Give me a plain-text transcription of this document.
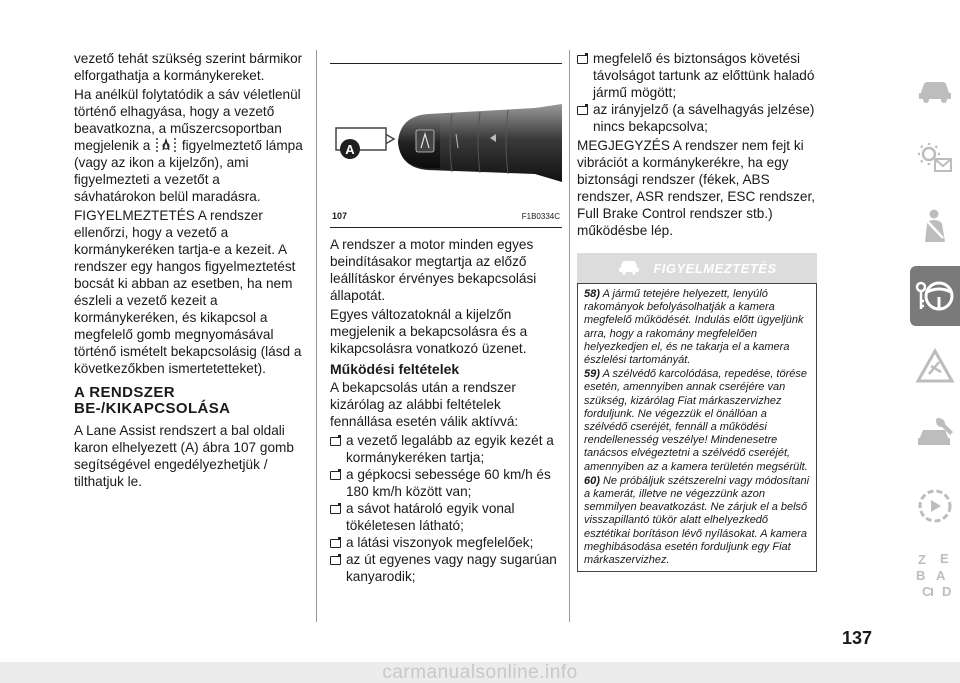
vezető tehát szükség szerint bármikor elforgathatja a kormánykereket.

Ha anélkül folytatódik a sáv véletlenül történő elhagyása, hogy a vezető beavatkozna, a műszercsoportban megjelenik a  figyelmeztető lámpa (vagy az ikon a kijelzőn), ami figyelmezteti a vezetőt a sávhatárokon belül maradásra.

FIGYELMEZTETÉS A rendszer ellenőrzi, hogy a vezető a kormánykeréken tartja-e a kezeit. A rendszer egy hangos figyelmeztetést bocsát ki abban az esetben, ha nem észleli a vezető kezeit a kormánykeréken, és kikapcsol a megfelelő gomb megnyomásával történő ismételt bekapcsolásig (lásd a következőkben ismertetetteket).

A RENDSZER BE-/KIKAPCSOLÁSA

A Lane Assist rendszert a bal oldali karon elhelyezett (A) ábra 107 gomb segítségével engedélyezhetjük / tilthatjuk le.

A
107	F1B0334C

A rendszer a motor minden egyes beindításakor megtartja az előző leállításkor érvényes bekapcsolási állapotát.

Egyes változatoknál a kijelzőn megjelenik a bekapcsolásra és a kikapcsolásra vonatkozó üzenet.

Működési feltételek

A bekapcsolás után a rendszer kizárólag az alábbi feltételek fennállása esetén válik aktívvá:

a vezető legalább az egyik kezét a kormánykeréken tartja;
a gépkocsi sebessége 60 km/h és 180 km/h között van;
a sávot határoló egyik vonal tökéletesen látható;
a látási viszonyok megfelelőek;
az út egyenes vagy nagy sugarúan kanyarodik;
megfelelő és biztonságos követési távolságot tartunk az előttünk haladó jármű mögött;
az irányjelző (a sávelhagyás jelzése) nincs bekapcsolva;

MEGJEGYZÉS A rendszer nem fejt ki vibrációt a kormánykerékre, ha egy biztonsági rendszer (fékek, ABS rendszer, ASR rendszer, ESC rendszer, Full Brake Control rendszer stb.) működésbe lép.

FIGYELMEZTETÉS

58) A jármű tetejére helyezett, lenyúló rakományok befolyásolhatják a kamera megfelelő működését. Indulás előtt ügyeljünk arra, hogy a rakomány megfelelően helyezkedjen el, és ne takarja el a kamera észlelési tartományát.

59) A szélvédő karcolódása, repedése, törése esetén, amennyiben annak cseréjére van szükség, kizárólag Fiat márkaszervizhez forduljunk. Ne végezzük el önállóan a szélvédő cseréjét, fennáll a működési rendellenesség veszélye! Mindenesetre tanácsos elvégeztetni a szélvédő cseréjét, amennyiben az a kamera területén megsérült.

60) Ne próbáljuk szétszerelni vagy módosítani a kamerát, illetve ne végezzünk azon semmilyen beavatkozást. Ne zárjuk el a belső visszapillantó tükör alatt elhelyezkedő esztétikai borításon lévő nyílásokat. A kamera meghibásodása esetén forduljunk egy Fiat márkaszervizhez.	Z E
B A
C D
137
carmanualsonline.info
